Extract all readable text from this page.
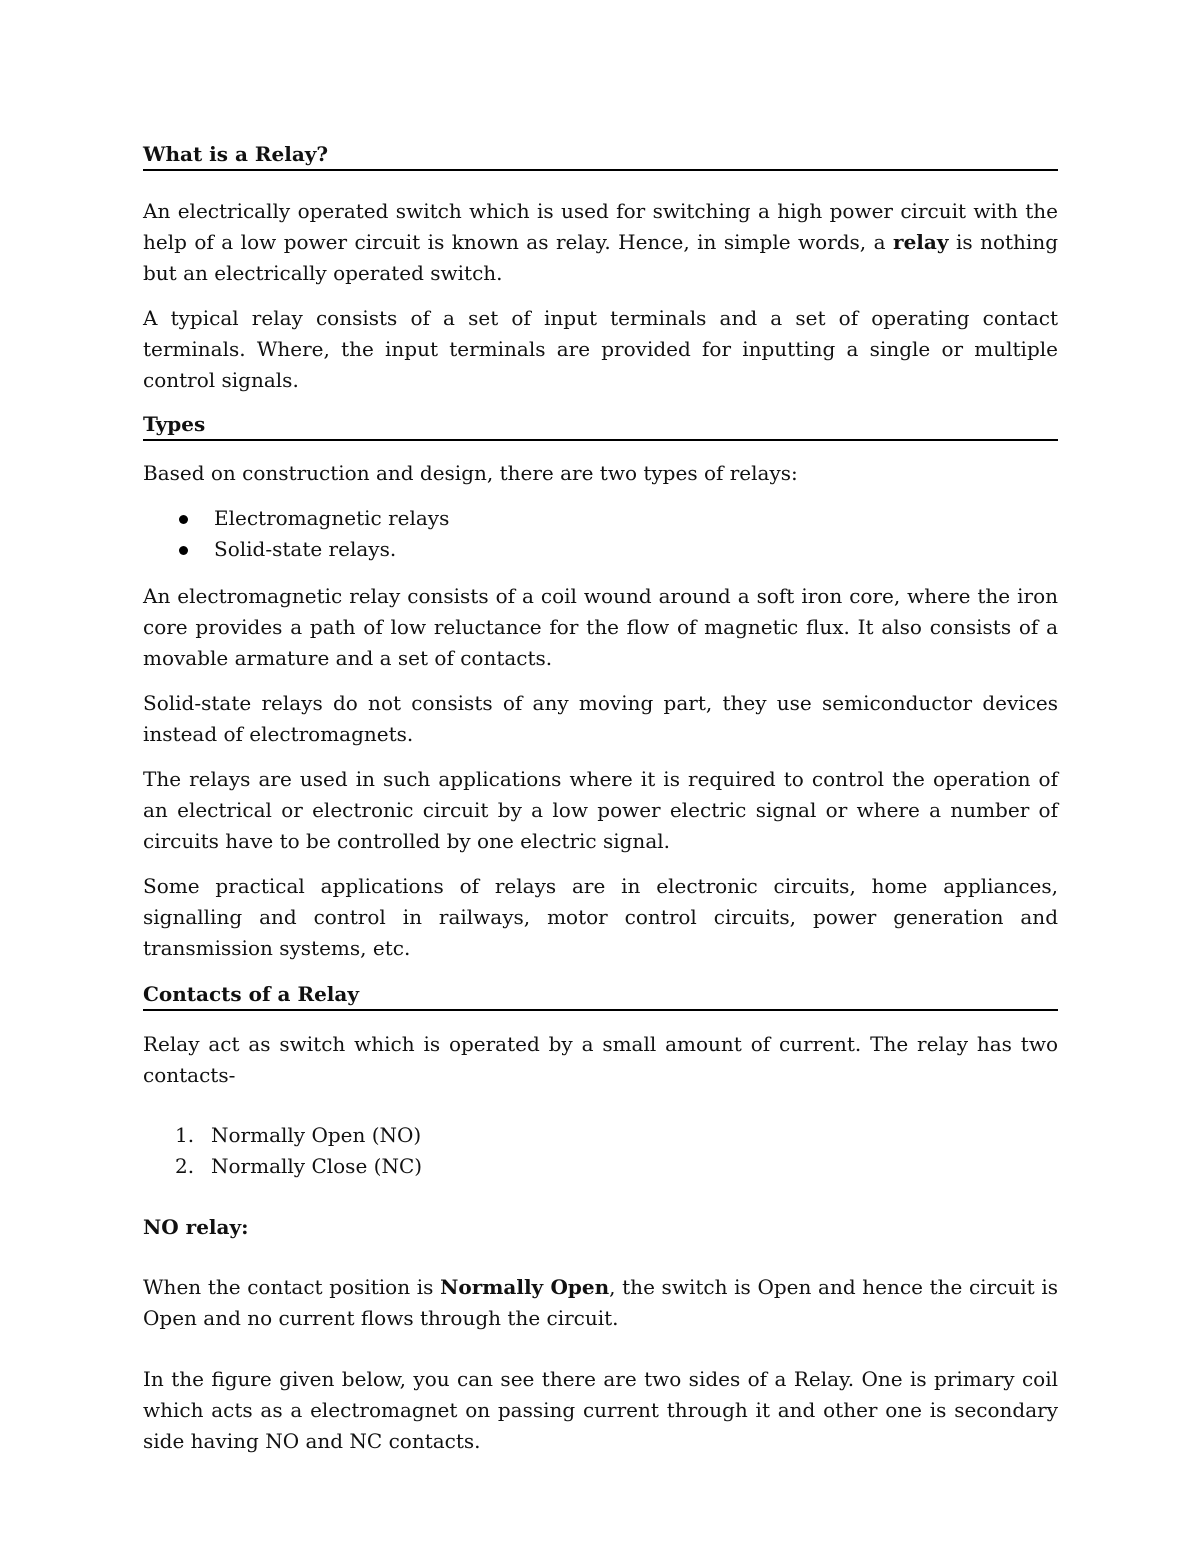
What is a Relay?

An electrically operated switch which is used for switching a high power circuit with the help of a low power circuit is known as relay. Hence, in simple words, a relay is nothing but an electrically operated switch.

A typical relay consists of a set of input terminals and a set of operating contact terminals. Where, the input terminals are provided for inputting a single or multiple control signals.

Types

Based on construction and design, there are two types of relays:

Electromagnetic relays
Solid-state relays.

An electromagnetic relay consists of a coil wound around a soft iron core, where the iron core provides a path of low reluctance for the flow of magnetic flux. It also consists of a movable armature and a set of contacts.

Solid-state relays do not consists of any moving part, they use semiconductor devices instead of electromagnets.

The relays are used in such applications where it is required to control the operation of an electrical or electronic circuit by a low power electric signal or where a number of circuits have to be controlled by one electric signal.

Some practical applications of relays are in electronic circuits, home appliances, signalling and control in railways, motor control circuits, power generation and transmission systems, etc.

Contacts of a Relay

Relay act as switch which is operated by a small amount of current. The relay has two contacts-

1. Normally Open (NO)
2. Normally Close (NC)

NO relay:

When the contact position is Normally Open, the switch is Open and hence the circuit is Open and no current flows through the circuit.

In the figure given below, you can see there are two sides of a Relay. One is primary coil which acts as a electromagnet on passing current through it and other one is secondary side having NO and NC contacts.
